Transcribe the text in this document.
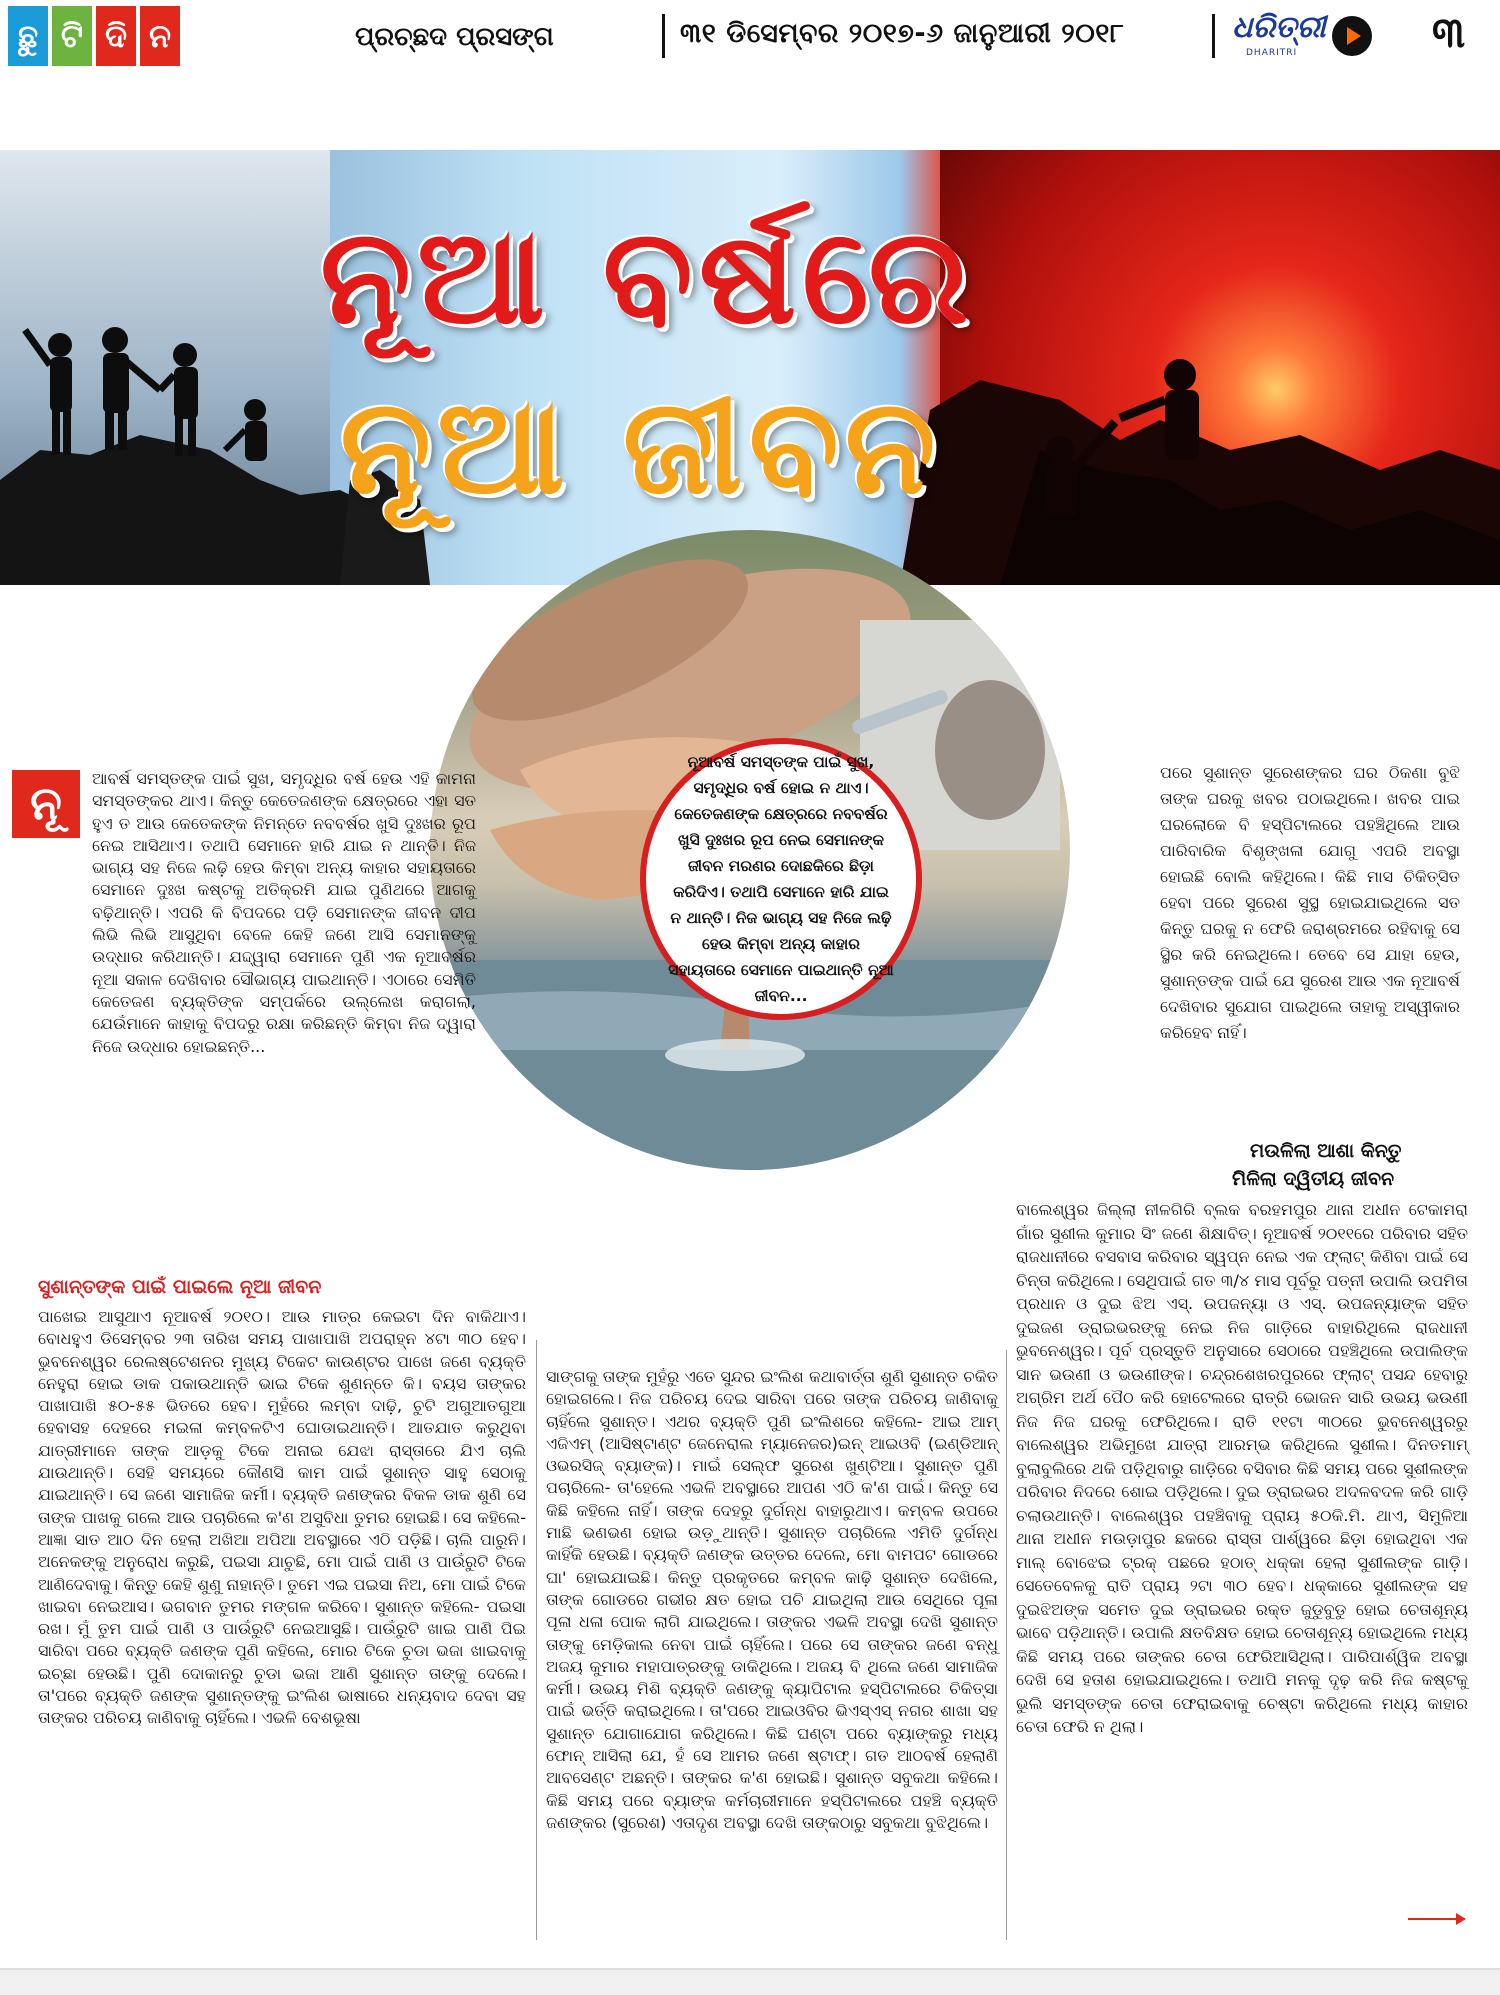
ଛୁ ଟି ଦି ନ	ପ୍ରଚ୍ଛଦ ପ୍ରସଙ୍ଗ	୩୧ ଡିସେମ୍ବର ୨୦୧୭-୬ ଜାନୁଆରୀ ୨୦୧୮	ଧରିତ୍ରୀ
DHARITRI	୩
ନୂଆ ବର୍ଷରେ
ନୂଆ ଜୀବନ
ନୂଆବର୍ଷ ସମସ୍ତଙ୍କ ପାଇଁ ସୁଖ, ସମୃଦ୍ଧିର ବର୍ଷ ହୋଇ ନ ଥାଏ। କେତେଜଣଙ୍କ କ୍ଷେତ୍ରରେ ନବବର୍ଷର ଖୁସି ଦୁଃଖର ରୂପ ନେଇ ସେମାନଙ୍କ ଜୀବନ ମରଣର ଦୋଛକିରେ ଛିଡ଼ା କରିଦିଏ। ତଥାପି ସେମାନେ ହାରି ଯାଇ ନ ଥାନ୍ତି। ନିଜ ଭାଗ୍ୟ ସହ ନିଜେ ଲଢ଼ି ହେଉ କିମ୍ବା ଅନ୍ୟ କାହାର ସହାୟତାରେ ସେମାନେ ପାଇଥାନ୍ତି ନୂଆ ଜୀବନ...
ନୂ	ଆବର୍ଷ ସମସ୍ତଙ୍କ ପାଇଁ ସୁଖ, ସମୃଦ୍ଧିର ବର୍ଷ ହେଉ ଏହି କାମନା ସମସ୍ତଙ୍କର ଥାଏ। କିନ୍ତୁ କେତେଜଣଙ୍କ କ୍ଷେତ୍ରରେ ଏହା ସତ ହୁଏ ତ ଆଉ କେତେକଙ୍କ ନିମନ୍ତେ ନବବର୍ଷର ଖୁସି ଦୁଃଖର ରୂପ ନେଇ ଆସିଥାଏ। ତଥାପି ସେମାନେ ହାରି ଯାଇ ନ ଥାନ୍ତି। ନିଜ ଭାଗ୍ୟ ସହ ନିଜେ ଲଢ଼ି ହେଉ କିମ୍ବା ଅନ୍ୟ କାହାର ସହାୟତାରେ ସେମାନେ ଦୁଃଖ କଷ୍ଟକୁ ଅତିକ୍ରମି ଯାଇ ପୁଣିଥରେ ଆଗକୁ ବଢ଼ିଥାନ୍ତି। ଏପରି କି ବିପଦରେ ପଡ଼ି ସେମାନଙ୍କ ଜୀବନ ଦୀପ ଲିଭି ଲିଭି ଆସୁଥିବା ବେଳେ କେହି ଜଣେ ଆସି ସେମାନଙ୍କୁ ଉଦ୍ଧାର କରିଥାନ୍ତି। ଯଦ୍ଦ୍ୱାରା ସେମାନେ ପୁଣି ଏକ ନୂଆବର୍ଷର ନୂଆ ସକାଳ ଦେଖିବାର ସୌଭାଗ୍ୟ ପାଇଥାନ୍ତି। ଏଠାରେ ସେମିତି କେତେଜଣ ବ୍ୟକ୍ତିଙ୍କ ସମ୍ପର୍କରେ ଉଲ୍ଲେଖ କରାଗଲା, ଯେଉଁମାନେ କାହାକୁ ବିପଦରୁ ରକ୍ଷା କରିଛନ୍ତି କିମ୍ବା ନିଜ ଦ୍ୱାରା ନିଜେ ଉଦ୍ଧାର ହୋଇଛନ୍ତି...
ସୁଶାନ୍ତଙ୍କ ପାଇଁ ପାଇଲେ ନୂଆ ଜୀବନ
ପାଖେଇ ଆସୁଥାଏ ନୂଆବର୍ଷ ୨୦୧୦। ଆଉ ମାତ୍ର କେଇଟା ଦିନ ବାକିଥାଏ। ବୋଧହୁଏ ଡିସେମ୍ବର ୨୩ ତାରିଖ ସମୟ ପାଖାପାଖି ଅପରାହ୍ନ ୪ଟା ୩୦ ହେବ। ଭୁବନେଶ୍ୱର ରେଲଷ୍ଟେଶନର ମୁଖ୍ୟ ଟିକେଟ କାଉଣ୍ଟର ପାଖେ ଜଣେ ବ୍ୟକ୍ତି ନେହୁରା ହୋଇ ଡାକ ପକାଉଥାନ୍ତି ଭାଇ ଟିକେ ଶୁଣନ୍ତେ କି। ବୟସ ତାଙ୍କର ପାଖାପାଖି ୫୦-୫୫ ଭିତରେ ହେବ। ମୁହଁରେ ଲମ୍ବା ଦାଢ଼ି, ଚୁଟି ଅଗୁଆତଗୁଆ ହେବାସହ ଦେହରେ ମଇଳା କମ୍ବଳଟିଏ ଘୋଡାଇଥାନ୍ତି। ଆତଯାତ କରୁଥିବା ଯାତ୍ରୀମାନେ ତାଙ୍କ ଆଡ଼କୁ ଟିକେ ଅନାଇ ଯେଝା ରାସ୍ତାରେ ଯିଏ ଚାଲି ଯାଉଥାନ୍ତି। ସେହି ସମୟରେ କୌଣସି କାମ ପାଇଁ ସୁଶାନ୍ତ ସାହୁ ସେଠାକୁ ଯାଇଥାନ୍ତି। ସେ ଜଣେ ସାମାଜିକ କର୍ମୀ। ବ୍ୟକ୍ତି ଜଣଙ୍କର ବିକଳ ଡାକ ଶୁଣି ସେ ତାଙ୍କ ପାଖକୁ ଗଲେ ଆଉ ପଚାରିଲେ କ'ଣ ଅସୁବିଧା ତୁମର ହୋଇଛି। ସେ କହିଲେ- ଆଜ୍ଞା ସାତ ଆଠ ଦିନ ହେଲା ଅଖିଆ ଅପିଆ ଅବସ୍ଥାରେ ଏଠି ପଡ଼ିଛି। ଚାଲି ପାରୁନି। ଅନେକଙ୍କୁ ଅନୁରୋଧ କରୁଛି, ପଇସା ଯାଚୁଛି, ମୋ ପାଇଁ ପାଣି ଓ ପାଉଁରୁଟି ଟିକେ ଆଣିଦେବାକୁ। କିନ୍ତୁ କେହି ଶୁଣୁ ନାହାନ୍ତି। ତୁମେ ଏଇ ପଇସା ନିଅ, ମୋ ପାଇଁ ଟିକେ ଖାଇବା ନେଇଆସ। ଭଗବାନ ତୁମର ମଙ୍ଗଳ କରିବେ। ସୁଶାନ୍ତ କହିଲେ- ପଇସା ରଖ। ମୁଁ ତୁମ ପାଇଁ ପାଣି ଓ ପାଉଁରୁଟି ନେଇଆସୁଛି। ପାଉଁରୁଟି ଖାଇ ପାଣି ପିଇ ସାରିବା ପରେ ବ୍ୟକ୍ତି ଜଣଙ୍କ ପୁଣି କହିଲେ, ମୋର ଟିକେ ଚୁଡା ଭଜା ଖାଇବାକୁ ଇଚ୍ଛା ହେଉଛି। ପୁଣି ଦୋକାନରୁ ଚୁଡା ଭଜା ଆଣି ସୁଶାନ୍ତ ତାଙ୍କୁ ଦେଲେ। ତା'ପରେ ବ୍ୟକ୍ତି ଜଣଙ୍କ ସୁଶାନ୍ତଙ୍କୁ ଇଂଲିଶ ଭାଷାରେ ଧନ୍ୟବାଦ ଦେବା ସହ ତାଙ୍କର ପରିଚୟ ଜାଣିବାକୁ ଚାହିଁଲେ। ଏଭଳି ବେଶଭୂଷା
ସାଙ୍ଗକୁ ତାଙ୍କ ମୁହଁରୁ ଏତେ ସୁନ୍ଦର ଇଂଲିଶ କଥାବାର୍ତ୍ତା ଶୁଣି ସୁଶାନ୍ତ ଚକିତ ହୋଇଗଲେ। ନିଜ ପରିଚୟ ଦେଇ ସାରିବା ପରେ ତାଙ୍କ ପରିଚୟ ଜାଣିବାକୁ ଚାହିଁଲେ ସୁଶାନ୍ତ। ଏଥର ବ୍ୟକ୍ତି ପୁଣି ଇଂଲିଶରେ କହିଲେ- ଆଇ ଆମ୍ ଏଜିଏମ୍ (ଆସିଷ୍ଟାଣ୍ଟ ଜେନେରାଲ ମ୍ୟାନେଜର)ଇନ୍ ଆଇଓବି (ଇଣ୍ଡିଆନ୍ ଓଭରସିଜ୍ ବ୍ୟାଙ୍କ)। ମାଇଁ ସେଲ୍ଫ ସୁରେଶ ଖୁଣ୍ଟିଆ। ସୁଶାନ୍ତ ପୁଣି ପଚାରିଲେ- ତା'ହେଲେ ଏଭଳି ଅବସ୍ଥାରେ ଆପଣ ଏଠି କ'ଣ ପାଇଁ। କିନ୍ତୁ ସେ କିଛି କହିଲେ ନାହିଁ। ତାଙ୍କ ଦେହରୁ ଦୁର୍ଗନ୍ଧ ବାହାରୁଥାଏ। କମ୍ବଳ ଉପରେ ମାଛି ଭଣଭଣ ହୋଇ ଉଡ଼ୁଥାନ୍ତି। ସୁଶାନ୍ତ ପଚାରିଲେ ଏମିତି ଦୁର୍ଗନ୍ଧ କାହିଁକି ହେଉଛି। ବ୍ୟକ୍ତି ଜଣଙ୍କ ଉତ୍ତର ଦେଲେ, ମୋ ବାମପଟ ଗୋଡରେ ଘା' ହୋଇଯାଇଛି। କିନ୍ତୁ ପ୍ରକୃତରେ କମ୍ବଳ କାଢ଼ି ସୁଶାନ୍ତ ଦେଖିଲେ, ତାଙ୍କ ଗୋଡରେ ଗଭୀର କ୍ଷତ ହୋଇ ପଚି ଯାଇଥିଲା ଆଉ ସେଥିରେ ପୂଳା ପୂଳା ଧଳା ପୋକ ଲାଗି ଯାଇଥିଲେ। ତାଙ୍କର ଏଭଳି ଅବସ୍ଥା ଦେଖି ସୁଶାନ୍ତ ତାଙ୍କୁ ମେଡ଼ିକାଲ ନେବା ପାଇଁ ଚାହିଁଲେ। ପରେ ସେ ତାଙ୍କର ଜଣେ ବନ୍ଧୁ ଅଜୟ କୁମାର ମହାପାତ୍ରଙ୍କୁ ଡାକିଥିଲେ। ଅଜୟ ବି ଥିଲେ ଜଣେ ସାମାଜିକ କର୍ମୀ। ଉଭୟ ମିଶି ବ୍ୟକ୍ତି ଜଣଙ୍କୁ କ୍ୟାପିଟାଲ ହସ୍ପିଟାଲରେ ଚିକିତ୍ସା ପାଇଁ ଭର୍ତ୍ତି କରାଇଥିଲେ। ତା'ପରେ ଆଇଓବିର ଭିଏସ୍ଏସ୍ ନଗର ଶାଖା ସହ ସୁଶାନ୍ତ ଯୋଗାଯୋଗ କରିଥିଲେ। କିଛି ଘଣ୍ଟା ପରେ ବ୍ୟାଙ୍କରୁ ମଧ୍ୟ ଫୋନ୍ ଆସିଲା ଯେ, ହଁ ସେ ଆମର ଜଣେ ଷ୍ଟାଫ୍। ଗତ ଆଠବର୍ଷ ହେଲାଣି ଆବସେଣ୍ଟ ଅଛନ୍ତି। ତାଙ୍କର କ'ଣ ହୋଇଛି। ସୁଶାନ୍ତ ସବୁକଥା କହିଲେ। କିଛି ସମୟ ପରେ ବ୍ୟାଙ୍କ କର୍ମଚାରୀମାନେ ହସ୍ପିଟାଲରେ ପହଞ୍ଚି ବ୍ୟକ୍ତି ଜଣଙ୍କର (ସୁରେଶ) ଏତାଦୃଶ ଅବସ୍ଥା ଦେଖି ତାଙ୍କଠାରୁ ସବୁକଥା ବୁଝିଥିଲେ।
ପରେ ସୁଶାନ୍ତ ସୁରେଶଙ୍କର ଘର ଠିକଣା ବୁଝି ତାଙ୍କ ଘରକୁ ଖବର ପଠାଇଥିଲେ। ଖବର ପାଇ ଘରଲୋକେ ବି ହସ୍ପିଟାଲରେ ପହଞ୍ଚିଥିଲେ ଆଉ ପାରିବାରିକ ବିଶୃଙ୍ଖଳା ଯୋଗୁ ଏପରି ଅବସ୍ଥା ହୋଇଛି ବୋଲି କହିଥିଲେ। କିଛି ମାସ ଚିକିତ୍ସିତ ହେବା ପରେ ସୁରେଶ ସୁସ୍ଥ ହୋଇଯାଇଥିଲେ ସତ କିନ୍ତୁ ଘରକୁ ନ ଫେରି ଜରାଶ୍ରମରେ ରହିବାକୁ ସେ ସ୍ଥିର କରି ନେଇଥିଲେ। ତେବେ ସେ ଯାହା ହେଉ, ସୁଶାନ୍ତଙ୍କ ପାଇଁ ଯେ ସୁରେଶ ଆଉ ଏକ ନୂଆବର୍ଷ ଦେଖିବାର ସୁଯୋଗ ପାଇଥିଲେ ତାହାକୁ ଅସ୍ୱୀକାର କରିହେବ ନାହିଁ।
ମଉଳିଲା ଆଶା କିନ୍ତୁ
ମିଳିଲା ଦ୍ୱିତୀୟ ଜୀବନ
ବାଲେଶ୍ୱର ଜିଲ୍ଲା ନୀଳଗିରି ବ୍ଲକ ବରହମପୁର ଥାନା ଅଧୀନ ଟେକାମରା ଗାଁର ସୁଶୀଲ କୁମାର ସିଂ ଜଣେ ଶିକ୍ଷାବିତ୍। ନୂଆବର୍ଷ ୨୦୧୧ରେ ପରିବାର ସହିତ ରାଜଧାନୀରେ ବସବାସ କରିବାର ସ୍ୱପ୍ନ ନେଇ ଏକ ଫ୍ଲାଟ୍ କିଣିବା ପାଇଁ ସେ ଚିନ୍ତା କରିଥିଲେ। ସେଥିପାଇଁ ଗତ ୩/୪ ମାସ ପୂର୍ବରୁ ପତ୍ନୀ ଉପାଲି ଉପମିତା ପ୍ରଧାନ ଓ ଦୁଇ ଝିଅ ଏସ୍. ଉପଜନ୍ୟା ଓ ଏସ୍. ଉପଜନ୍ୟାଙ୍କ ସହିତ ଦୁଇଜଣ ଡ୍ରାଇଭରଙ୍କୁ ନେଇ ନିଜ ଗାଡ଼ିରେ ବାହାରିଥିଲେ ରାଜଧାନୀ ଭୁବନେଶ୍ୱର। ପୂର୍ବ ପ୍ରସ୍ତୁତି ଅନୁସାରେ ସେଠାରେ ପହଞ୍ଚିଥିଲେ ଉପାଲିଙ୍କ ସାନ ଭଉଣୀ ଓ ଭଉଣୀଙ୍କ। ଚନ୍ଦ୍ରଶେଖରପୁରରେ ଫ୍ଲାଟ୍ ପସନ୍ଦ ହେବାରୁ ଅଗ୍ରିମ ଅର୍ଥ ପୈଠ କରି ହୋଟେଲରେ ରାତ୍ରି ଭୋଜନ ସାରି ଉଭୟ ଭଉଣୀ ନିଜ ନିଜ ଘରକୁ ଫେରିଥିଲେ। ରାତି ୧୧ଟା ୩୦ରେ ଭୁବନେଶ୍ୱରରୁ ବାଲେଶ୍ୱର ଅଭିମୁଖେ ଯାତ୍ରା ଆରମ୍ଭ କରିଥିଲେ ସୁଶୀଲ। ଦିନତମାମ୍ ବୁଲାବୁଲିରେ ଥକି ପଡ଼ିଥିବାରୁ ଗାଡ଼ିରେ ବସିବାର କିଛି ସମୟ ପରେ ସୁଶୀଲଙ୍କ ପରିବାର ନିଦରେ ଶୋଇ ପଡ଼ିଥିଲେ। ଦୁଇ ଡ୍ରାଇଭର ଅଦଳବଦଳ କରି ଗାଡ଼ି ଚଲାଉଥାନ୍ତି। ବାଲେଶ୍ୱର ପହଞ୍ଚିବାକୁ ପ୍ରାୟ ୫୦କି.ମି. ଥାଏ, ସିମୁଳିଆ ଥାନା ଅଧୀନ ମଉଡ଼ାପୁର ଛକରେ ରାସ୍ତା ପାର୍ଶ୍ୱରେ ଛିଡ଼ା ହୋଇଥିବା ଏକ ମାଲ୍ ବୋଝେଇ ଟ୍ରକ୍ ପଛରେ ହଠାତ୍ ଧକ୍କା ହେଲା ସୁଶୀଲଙ୍କ ଗାଡ଼ି। ସେତେବେଳକୁ ରାତି ପ୍ରାୟ ୨ଟା ୩୦ ହେବ। ଧକ୍କାରେ ସୁଶୀଲଙ୍କ ସହ ଦୁଇଝିଅଙ୍କ ସମେତ ଦୁଇ ଡ୍ରାଇଭର ରକ୍ତ ଜୁଡୁବୁଡୁ ହୋଇ ଚେତାଶୂନ୍ୟ ଭାବେ ପଡ଼ିଥାନ୍ତି। ଉପାଲି କ୍ଷତବିକ୍ଷତ ହୋଇ ଚେତାଶୂନ୍ୟ ହୋଇଥିଲେ ମଧ୍ୟ କିଛି ସମୟ ପରେ ତାଙ୍କର ଚେତା ଫେରିଆସିଥିଲା। ପାରିପାର୍ଶ୍ୱିକ ଅବସ୍ଥା ଦେଖି ସେ ହତାଶ ହୋଇଯାଇଥିଲେ। ତଥାପି ମନକୁ ଦୃଢ଼ କରି ନିଜ କଷ୍ଟକୁ ଭୁଲି ସମସ୍ତଙ୍କ ଚେତା ଫେରାଇବାକୁ ଚେଷ୍ଟା କରିଥିଲେ ମଧ୍ୟ କାହାର ଚେତା ଫେରି ନ ଥିଲା।
